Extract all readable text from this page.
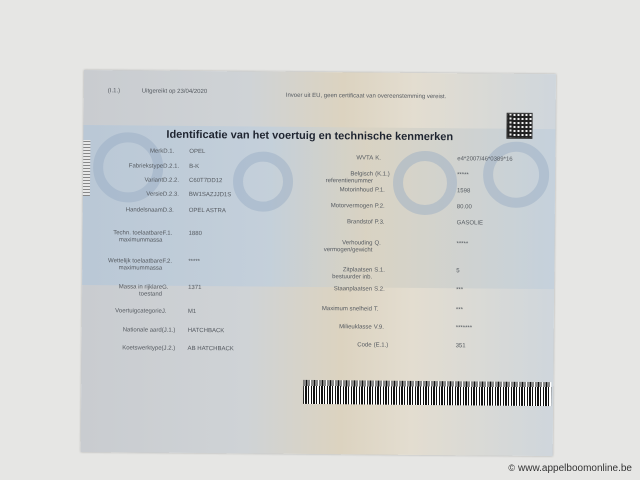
(I.1.)	Uitgereikt op 23/04/2020
Invoer uit EU, geen certificaat van overeenstemming vereist.
Identificatie van het voertuig en technische kenmerken
Merk D.1. OPEL
Fabriekstype D.2.1. B-K
Variant D.2.2. C60T7DD12
Versie D.2.3. BW1SAZJJD1S
Handelsnaam D.3. OPEL ASTRA
Techn. toelaatbare maximummassa
F.1.	1880
Wettelijk toelaatbare maximummassa
F.2.	*****
Massa in rijklare toestand
G.	1371
Voertuigcategorie J.	M1
Nationale aard (J.1.) HATCHBACK
Koetswerktype (J.2.) AB HATCHBACK
WVTA K.	e4*2007/46*0389*16
Belgisch referentienummer
(K.1.)	*****
Motorinhoud P.1.	1598
Motorvermogen P.2.	80.00
Brandstof P.3.	GASOLIE
Verhouding vermogen/gewicht
Q.	*****
Zitplaatsen bestuurder inb.
S.1.	5
Staanplaatsen S.2.	***
Maximum snelheid T.	***
Milieuklasse V.9.	*******
Code (E.1.)	351
© www.appelboomonline.be
